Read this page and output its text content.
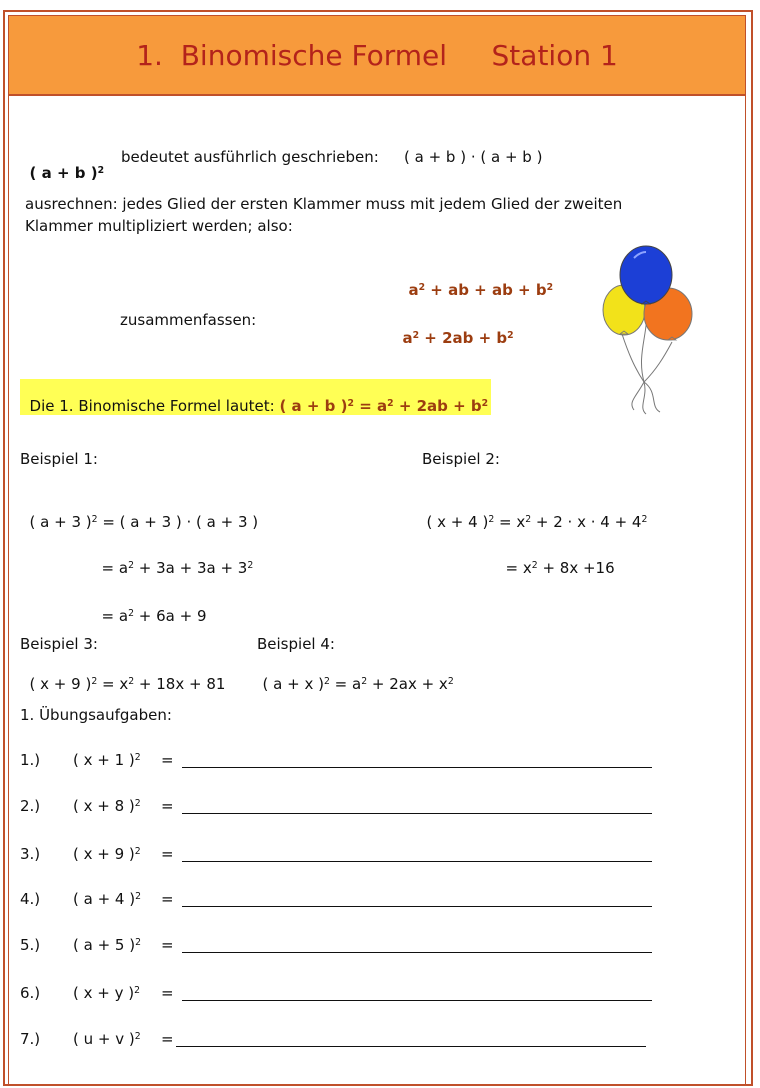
1.  Binomische Formel     Station 1

( a + b )$^2$

bedeutet ausführlich geschrieben: ( a + b ) · ( a + b )
ausrechnen: jedes Glied der ersten Klammer muss mit jedem Glied der zweiten
Klammer multipliziert werden; also:

$a^2$ + ab + ab + $b^2$

zusammenfassen:

$a^2 + 2ab + b^2$

Die 1. Binomische Formel lautet: ( a + b )$^2 = a^2 + 2ab + b^2$

Beispiel 1:

( a + 3 )$^2$ = ( a + 3 ) · ( a + 3 )

= $a^2 + 3a + 3a + 3^2$

= $a^2 + 6a + 9$

Beispiel 2:

( x + 4 )$^2 = x^2 + 2 \cdot x \cdot 4 + 4^2$

= $x^2 + 8x +16$

Beispiel 3:

( x + 9 )$^2 = x^2 + 18x + 81$

Beispiel 4:

( a + x )$^2 = a^2 + 2ax + x^2$

1. Übungsaufgaben:
1.) ( x + 1 )$^2$ =
2.) ( x + 8 )$^2$ =
3.) ( x + 9 )$^2$ =
4.) ( a + 4 )$^2$ =
5.) ( a + 5 )$^2$ =
6.) ( x + y )$^2$ =
7.) ( u + v )$^2$ =
